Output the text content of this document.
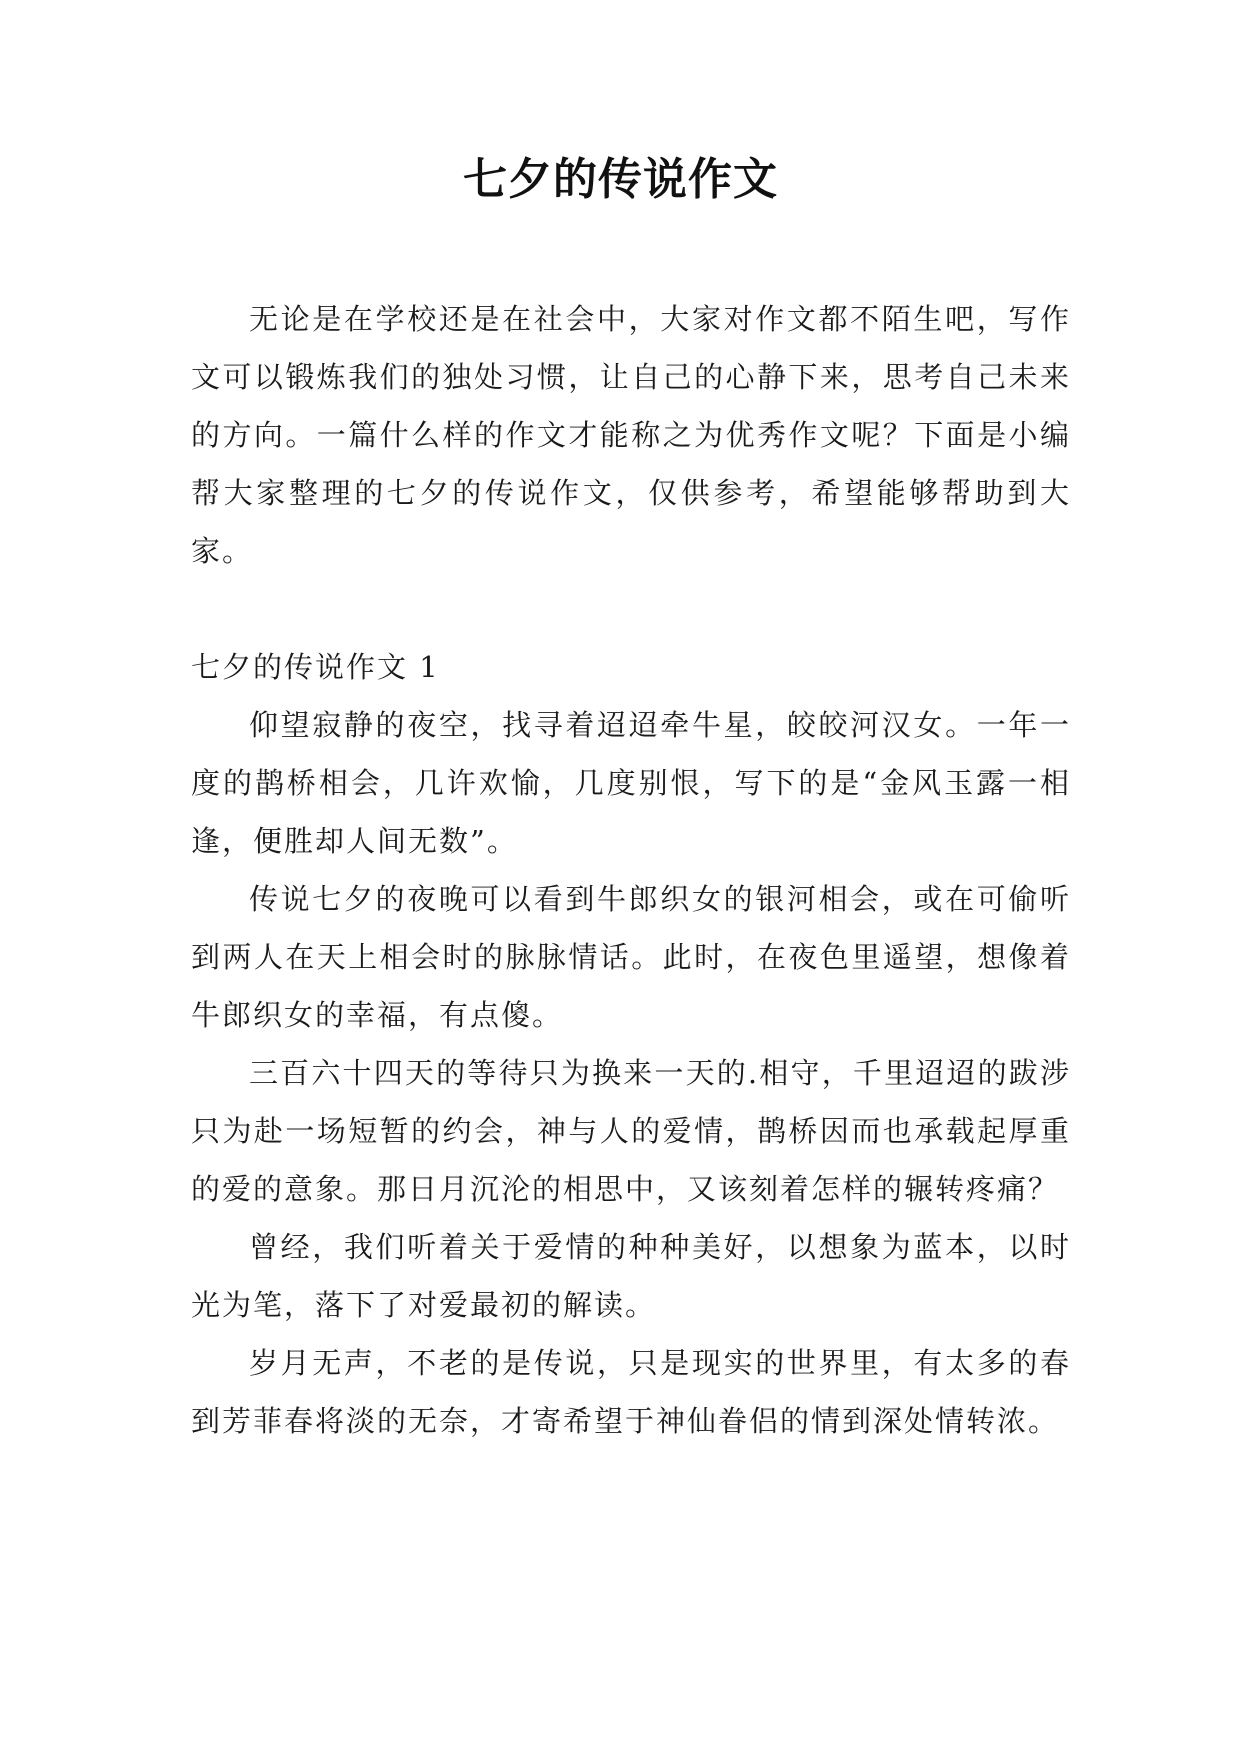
七夕的传说作文

无论是在学校还是在社会中，大家对作文都不陌生吧，写作文可以锻炼我们的独处习惯，让自己的心静下来，思考自己未来的方向。一篇什么样的作文才能称之为优秀作文呢？下面是小编帮大家整理的七夕的传说作文，仅供参考，希望能够帮助到大家。

七夕的传说作文 1

仰望寂静的夜空，找寻着迢迢牵牛星，皎皎河汉女。一年一度的鹊桥相会，几许欢愉，几度别恨，写下的是“金风玉露一相逢，便胜却人间无数”。

传说七夕的夜晚可以看到牛郎织女的银河相会，或在可偷听到两人在天上相会时的脉脉情话。此时，在夜色里遥望，想像着牛郎织女的幸福，有点傻。

三百六十四天的等待只为换来一天的.相守，千里迢迢的跋涉只为赴一场短暂的约会，神与人的爱情，鹊桥因而也承载起厚重的爱的意象。那日月沉沦的相思中，又该刻着怎样的辗转疼痛？

曾经，我们听着关于爱情的种种美好，以想象为蓝本，以时光为笔，落下了对爱最初的解读。

岁月无声，不老的是传说，只是现实的世界里，有太多的春到芳菲春将淡的无奈，才寄希望于神仙眷侣的情到深处情转浓。
